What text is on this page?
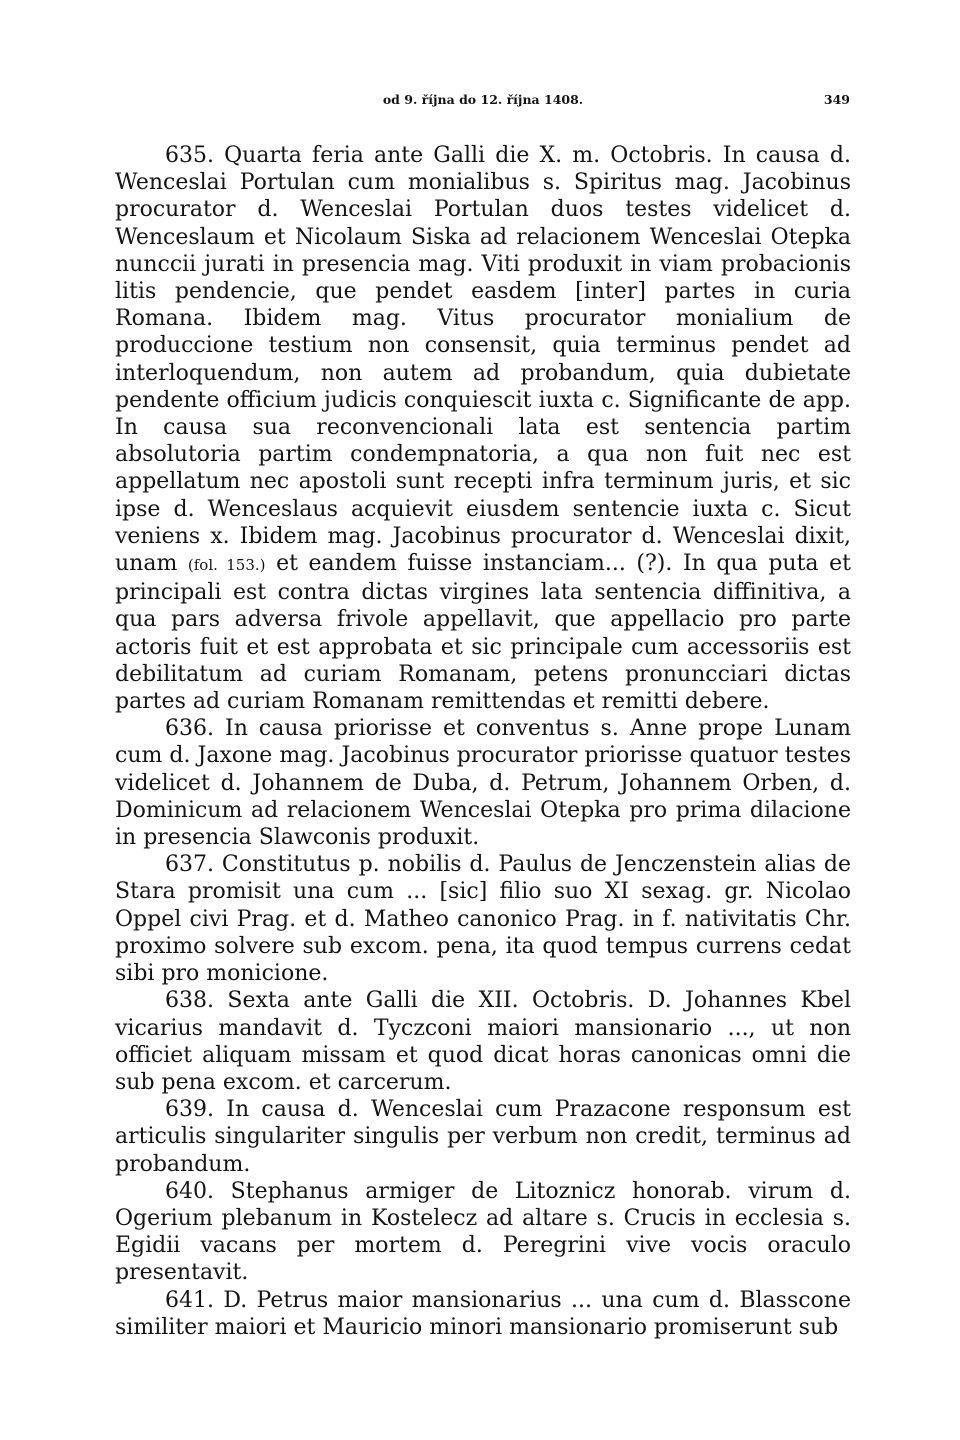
od 9. října do 12. října 1408.	349

635. Quarta feria ante Galli die X. m. Octobris. In causa d. Wenceslai Portulan cum monialibus s. Spiritus mag. Jacobinus procurator d. Wenceslai Portulan duos testes videlicet d. Wenceslaum et Nicolaum Siska ad relacionem Wenceslai Otepka nunccii jurati in presencia mag. Viti produxit in viam probacionis litis pendencie, que pendet easdem [inter] partes in curia Romana. Ibidem mag. Vitus procurator monialium de produccione testium non consensit, quia terminus pendet ad interloquendum, non autem ad probandum, quia dubietate pendente officium judicis conquiescit iuxta c. Significante de app. In causa sua reconvencionali lata est sentencia partim absolutoria partim condempnatoria, a qua non fuit nec est appellatum nec apostoli sunt recepti infra terminum juris, et sic ipse d. Wenceslaus acquievit eiusdem sentencie iuxta c. Sicut veniens x. Ibidem mag. Jacobinus procurator d. Wenceslai dixit, unam (fol. 153.) et eandem fuisse instanciam... (?). In qua puta et principali est contra dictas virgines lata sentencia diffinitiva, a qua pars adversa frivole appellavit, que appellacio pro parte actoris fuit et est approbata et sic principale cum accessoriis est debilitatum ad curiam Romanam, petens pronuncciari dictas partes ad curiam Romanam remittendas et remitti debere.

636. In causa priorisse et conventus s. Anne prope Lunam cum d. Jaxone mag. Jacobinus procurator priorisse quatuor testes videlicet d. Johannem de Duba, d. Petrum, Johannem Orben, d. Dominicum ad relacionem Wenceslai Otepka pro prima dilacione in presencia Slawconis produxit.

637. Constitutus p. nobilis d. Paulus de Jenczenstein alias de Stara promisit una cum ... [sic] filio suo XI sexag. gr. Nicolao Oppel civi Prag. et d. Matheo canonico Prag. in f. nativitatis Chr. proximo solvere sub excom. pena, ita quod tempus currens cedat sibi pro monicione.

638. Sexta ante Galli die XII. Octobris. D. Johannes Kbel vicarius mandavit d. Tyczconi maiori mansionario ..., ut non officiet aliquam missam et quod dicat horas canonicas omni die sub pena excom. et carcerum.

639. In causa d. Wenceslai cum Prazacone responsum est articulis singulariter singulis per verbum non credit, terminus ad probandum.

640. Stephanus armiger de Litoznicz honorab. virum d. Ogerium plebanum in Kostelecz ad altare s. Crucis in ecclesia s. Egidii vacans per mortem d. Peregrini vive vocis oraculo presentavit.

641. D. Petrus maior mansionarius ... una cum d. Blasscone similiter maiori et Mauricio minori mansionario promiserunt sub
